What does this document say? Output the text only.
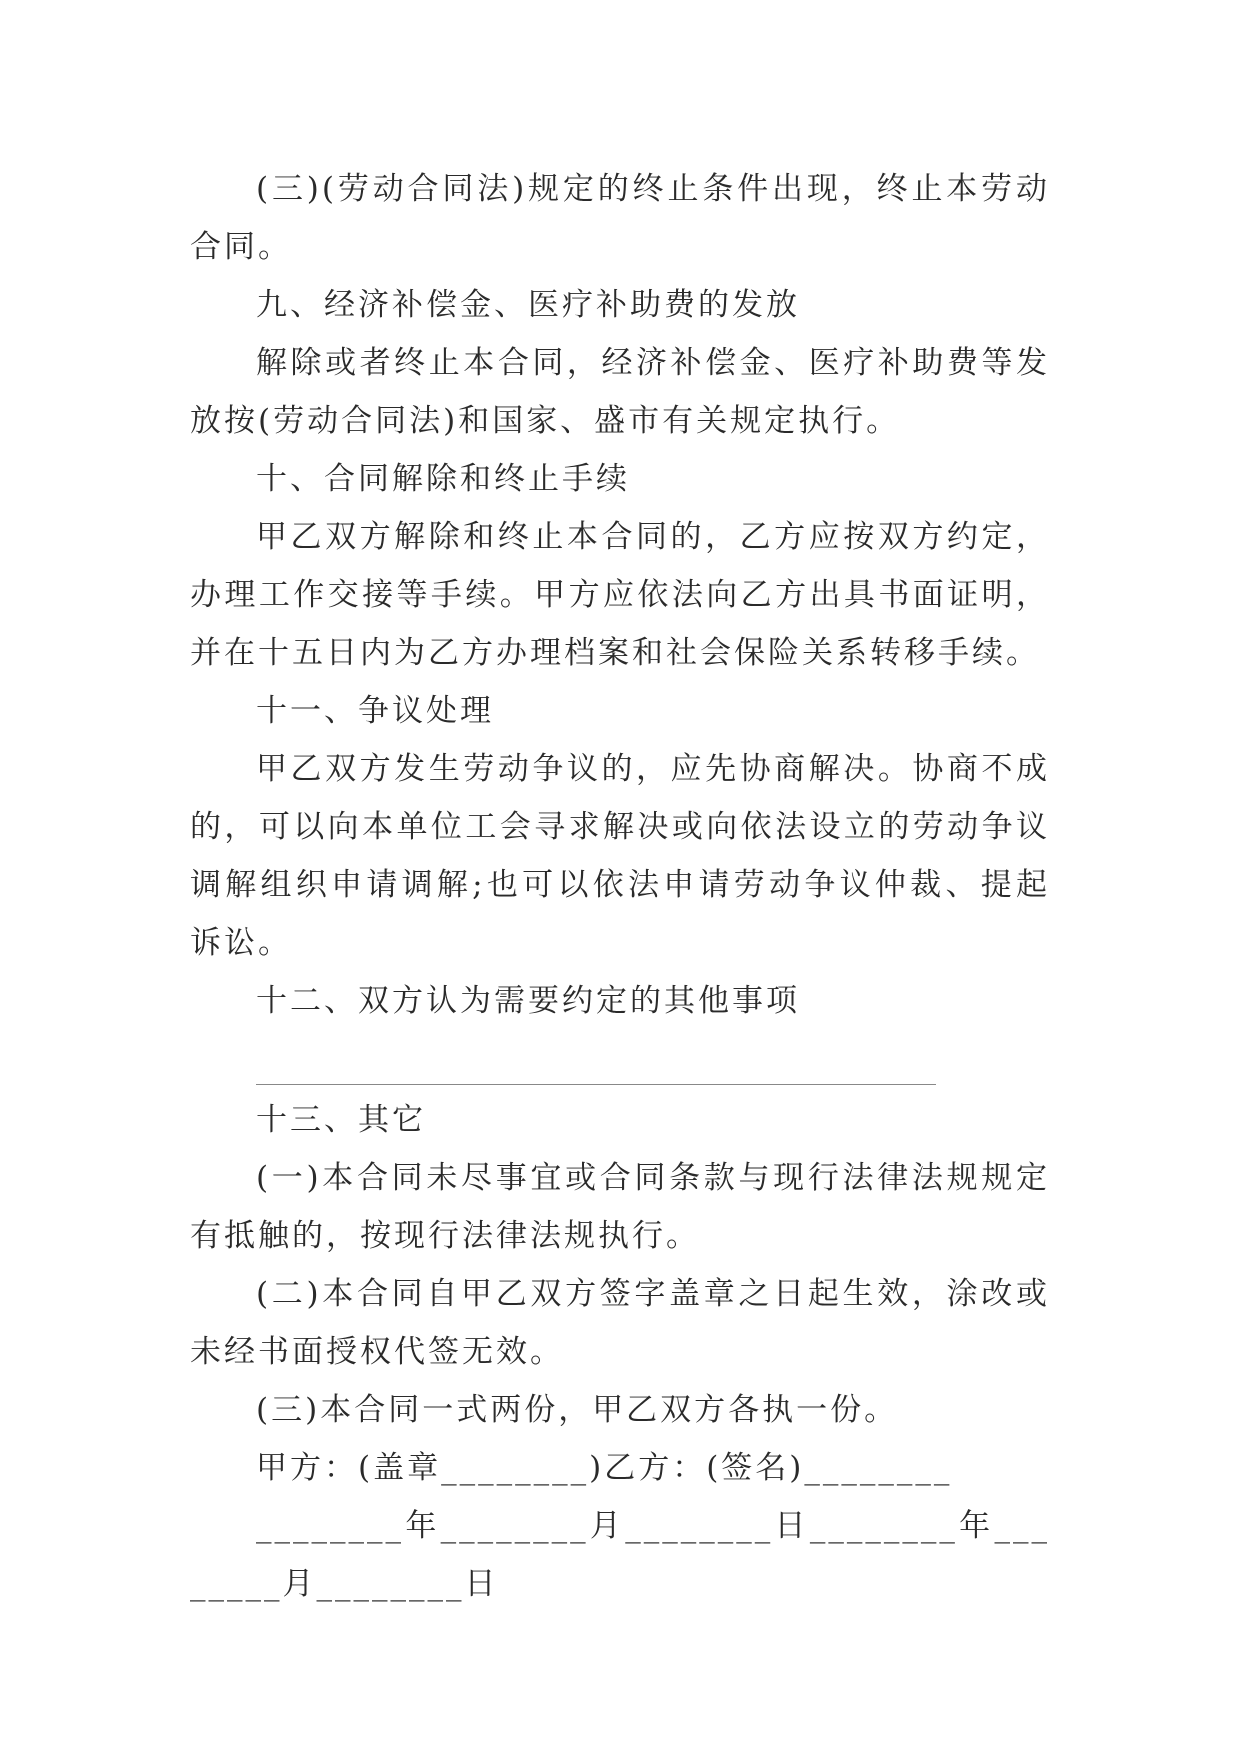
(三)(劳动合同法)规定的终止条件出现，终止本劳动合同。

九、经济补偿金、医疗补助费的发放

解除或者终止本合同，经济补偿金、医疗补助费等发放按(劳动合同法)和国家、盛市有关规定执行。

十、合同解除和终止手续

甲乙双方解除和终止本合同的，乙方应按双方约定，办理工作交接等手续。甲方应依法向乙方出具书面证明，并在十五日内为乙方办理档案和社会保险关系转移手续。

十一、争议处理

甲乙双方发生劳动争议的，应先协商解决。协商不成的，可以向本单位工会寻求解决或向依法设立的劳动争议调解组织申请调解;也可以依法申请劳动争议仲裁、提起诉讼。

十二、双方认为需要约定的其他事项

十三、其它

(一)本合同未尽事宜或合同条款与现行法律法规规定有抵触的，按现行法律法规执行。

(二)本合同自甲乙双方签字盖章之日起生效，涂改或未经书面授权代签无效。

(三)本合同一式两份，甲乙双方各执一份。

甲方：(盖章________)乙方：(签名)________

________年________月________日________年________月________日
